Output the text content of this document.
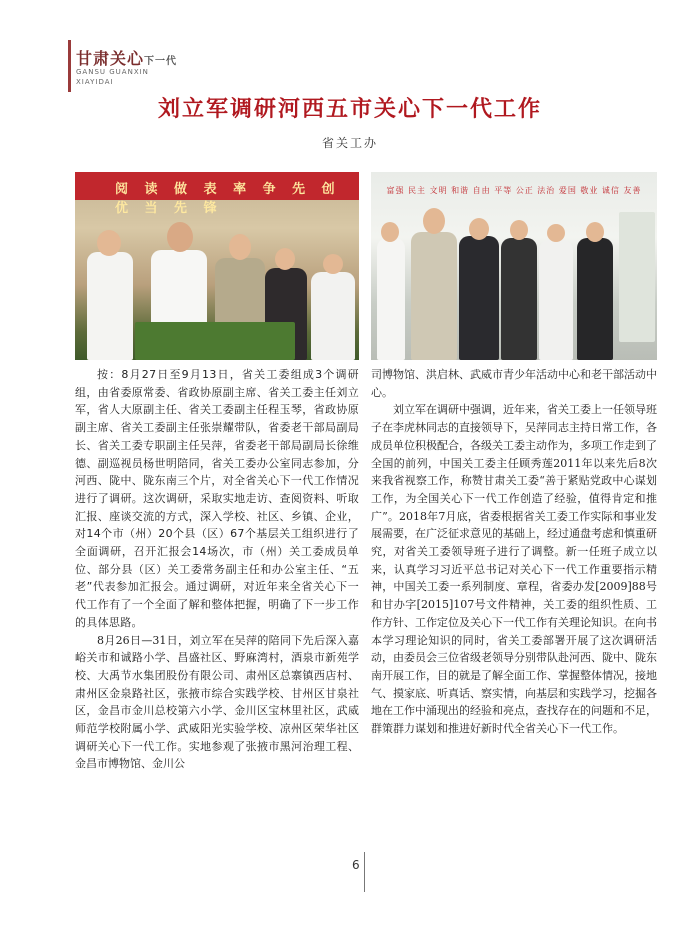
甘肃关心下一代
GANSU GUANXIN
XIAYIDAI
刘立军调研河西五市关心下一代工作
省关工办
阅 读 做 表 率 争 先 创 优 当 先 锋
富强 民主 文明 和谐 自由 平等 公正 法治 爱国 敬业 诚信 友善

按：8月27日至9月13日，省关工委组成3个调研组，由省委原常委、省政协原副主席、省关工委主任刘立军，省人大原副主任、省关工委副主任程玉琴，省政协原副主席、省关工委副主任张崇耀带队，省委老干部局副局长、省关工委专职副主任吴萍，省委老干部局副局长徐维德、副巡视员杨世明陪同，省关工委办公室同志参加，分河西、陇中、陇东南三个片，对全省关心下一代工作情况进行了调研。这次调研，采取实地走访、查阅资料、听取汇报、座谈交流的方式，深入学校、社区、乡镇、企业，对14个市（州）20个县（区）67个基层关工组织进行了全面调研，召开汇报会14场次，市（州）关工委成员单位、部分县（区）关工委常务副主任和办公室主任、“五老”代表参加汇报会。通过调研，对近年来全省关心下一代工作有了一个全面了解和整体把握，明确了下一步工作的具体思路。

8月26日—31日，刘立军在吴萍的陪同下先后深入嘉峪关市和诚路小学、昌盛社区、野麻湾村，酒泉市新苑学校、大禹节水集团股份有限公司、肃州区总寨镇西店村、肃州区金泉路社区，张掖市综合实践学校、甘州区甘泉社区，金昌市金川总校第六小学、金川区宝林里社区，武威师范学校附属小学、武威阳光实验学校、凉州区荣华社区调研关心下一代工作。实地参观了张掖市黑河治理工程、金昌市博物馆、金川公

司博物馆、洪启林、武威市青少年活动中心和老干部活动中心。

刘立军在调研中强调，近年来，省关工委上一任领导班子在李虎林同志的直接领导下，吴萍同志主持日常工作，各成员单位积极配合，各级关工委主动作为，多项工作走到了全国的前列，中国关工委主任顾秀莲2011年以来先后8次来我省视察工作，称赞甘肃关工委“善于紧贴党政中心谋划工作，为全国关心下一代工作创造了经验，值得肯定和推广”。2018年7月底，省委根据省关工委工作实际和事业发展需要，在广泛征求意见的基础上，经过通盘考虑和慎重研究，对省关工委领导班子进行了调整。新一任班子成立以来，认真学习习近平总书记对关心下一代工作重要指示精神，中国关工委一系列制度、章程，省委办发[2009]88号和甘办字[2015]107号文件精神，关工委的组织性质、工作方针、工作定位及关心下一代工作有关理论知识。在向书本学习理论知识的同时，省关工委部署开展了这次调研活动，由委员会三位省级老领导分别带队赴河西、陇中、陇东南开展工作，目的就是了解全面工作、掌握整体情况，接地气、摸家底、听真话、察实情，向基层和实践学习，挖掘各地在工作中涌现出的经验和亮点，查找存在的问题和不足，群策群力谋划和推进好新时代全省关心下一代工作。

6
